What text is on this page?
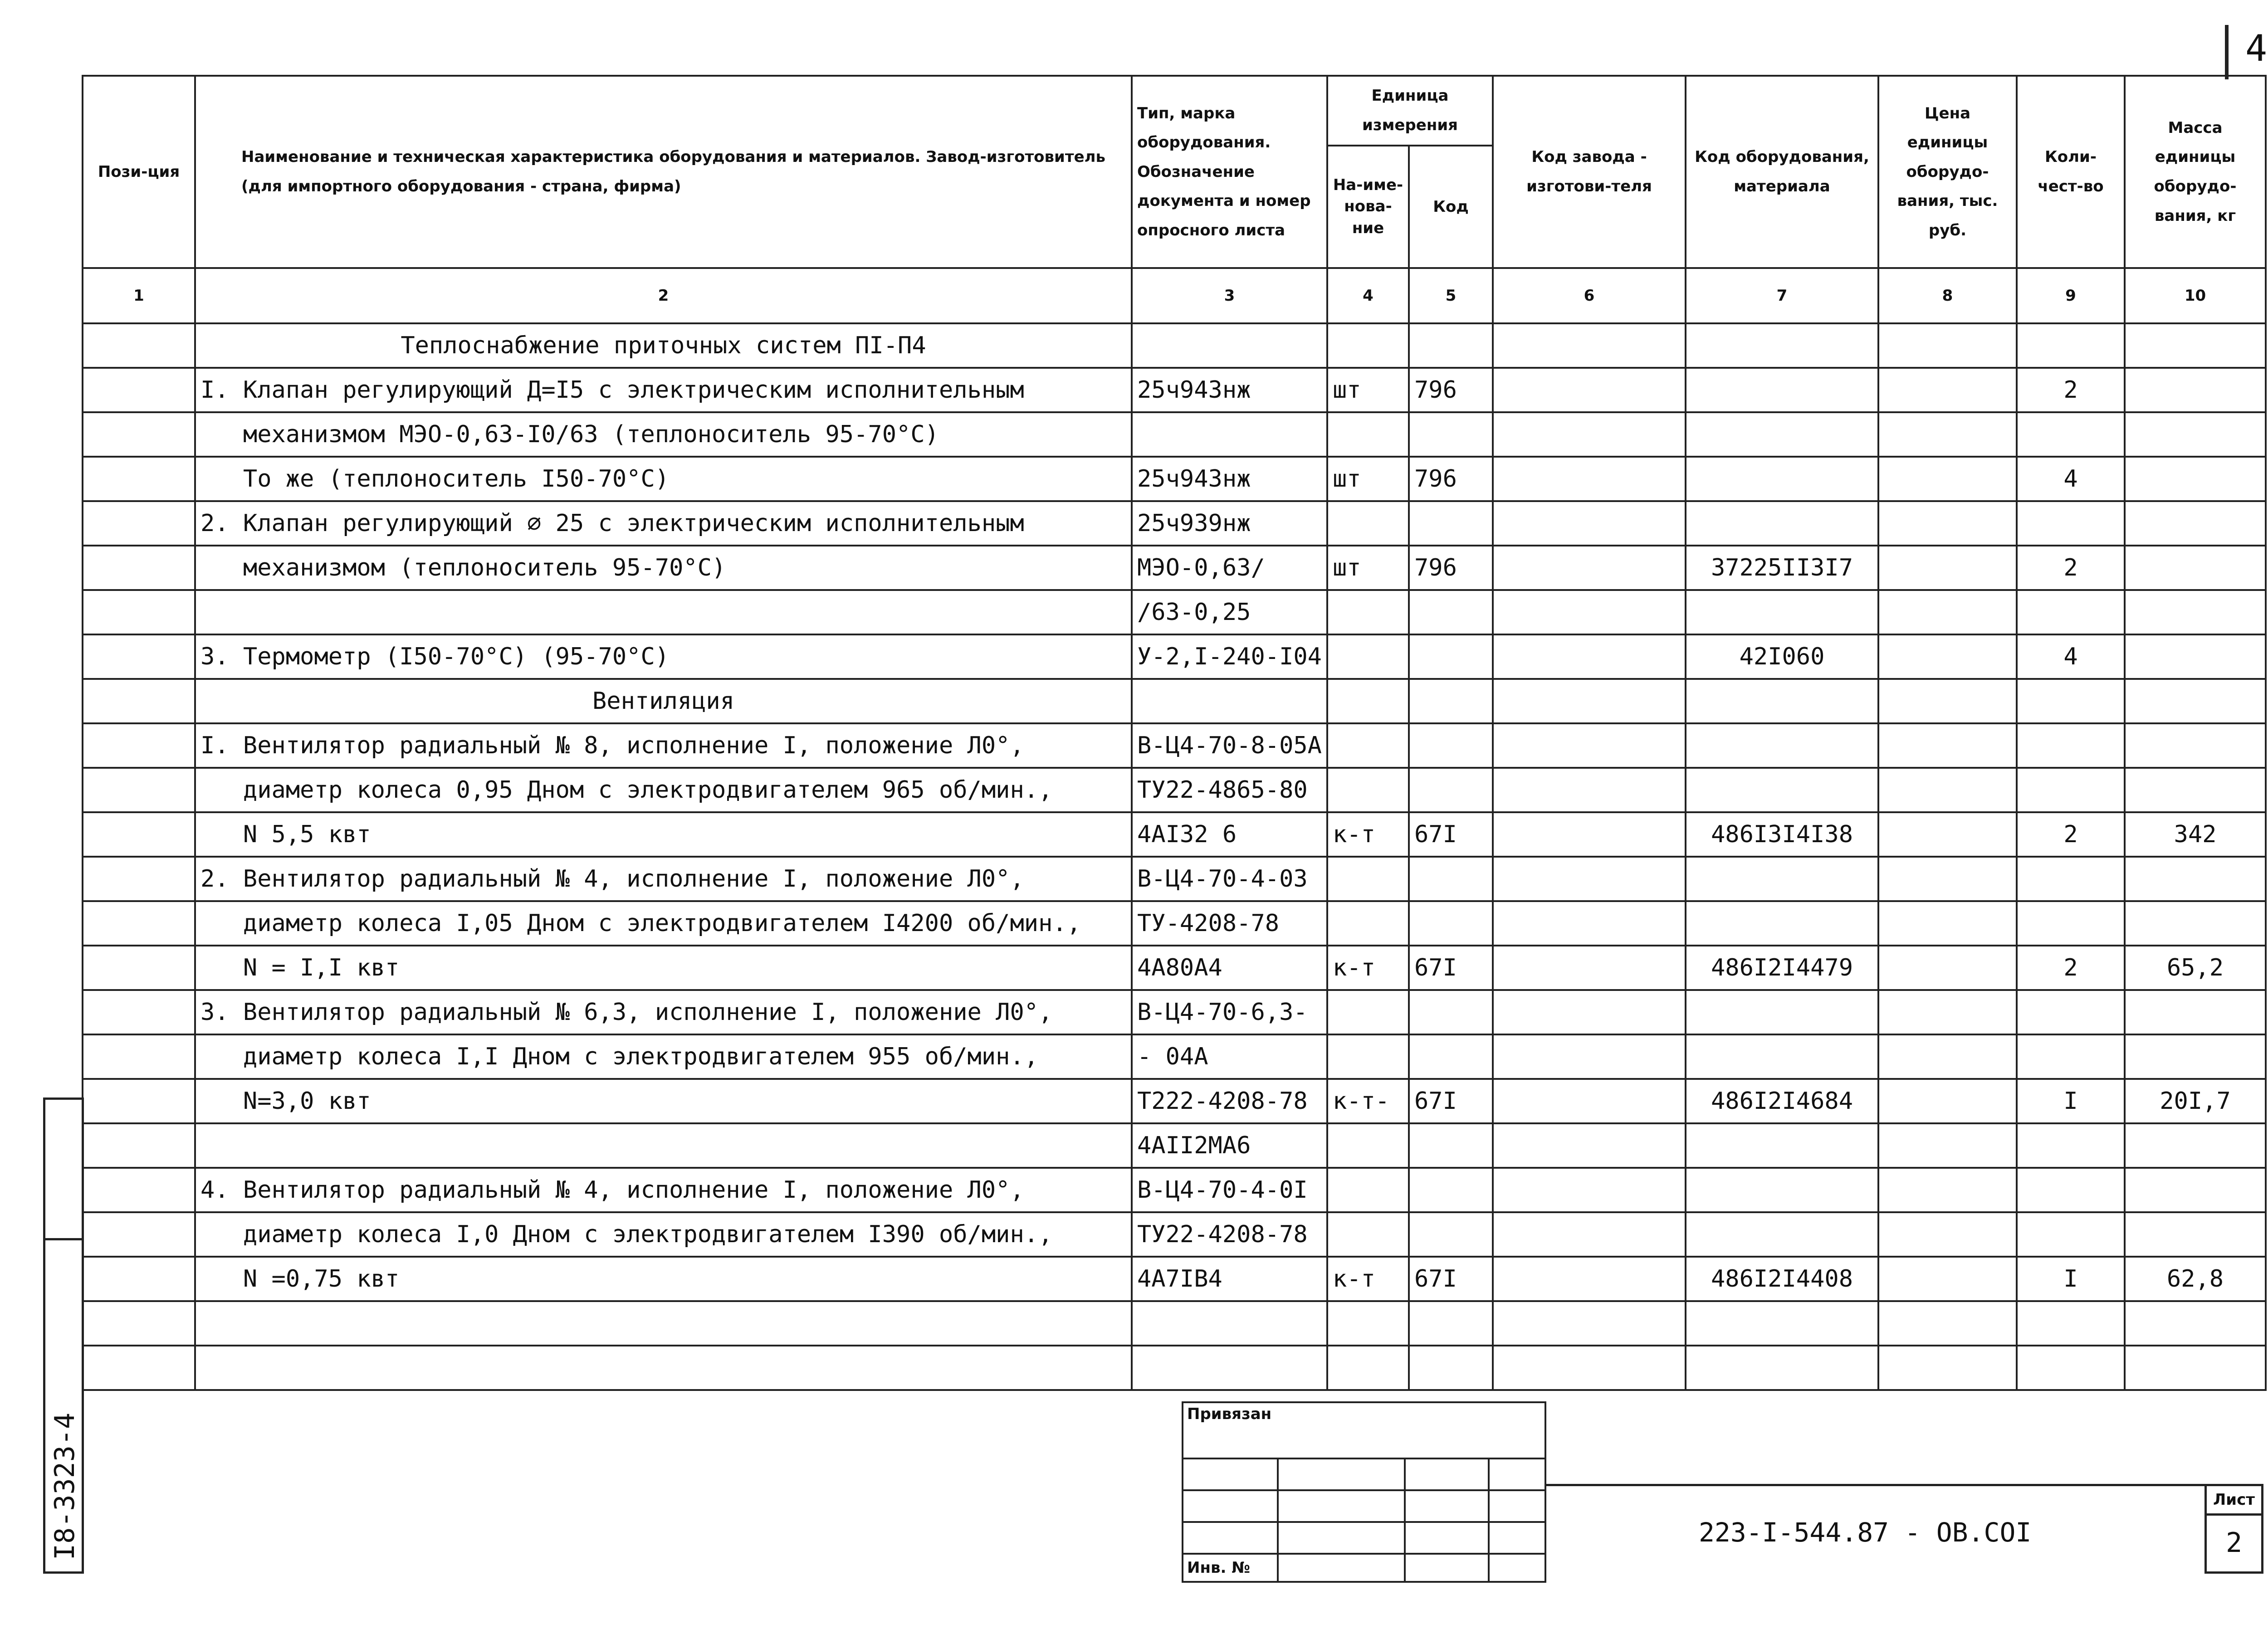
4
I8-3323-4
Пози-ция	Наименование и техническая характеристика оборудования и материалов. Завод-изготовитель (для импортного оборудования - страна, фирма)	Тип, марка оборудования. Обозначение документа и номер опросного листа	Единица измерения		Код завода - изготови-теля	Код оборудования, материала	Цена единицы оборудо-вания, тыс. руб.	Коли-чест-во	Масса единицы оборудо-вания, кг
			На-име-нова-ние	Код					
1	2	3	4	5	6	7	8	9	10
	Теплоснабжение приточных систем ПI-П4								
	I. Клапан регулирующий Д=I5 с электрическим исполнительным	25ч943нж	шт	796				2	
	механизмом МЭО-0,63-I0/63 (теплоноситель 95-70°С)								
	То же (теплоноситель I50-70°С)	25ч943нж	шт	796				4	
	2. Клапан регулирующий ∅ 25 с электрическим исполнительным	25ч939нж							
	механизмом (теплоноситель 95-70°С)	МЭО-0,63/	шт	796		37225II3I7		2	
		/63-0,25							
	3. Термометр (I50-70°С) (95-70°С)	У-2,I-240-I04				42I060		4	
	Вентиляция								
	I. Вентилятор радиальный № 8, исполнение I, положение Л0°,	В-Ц4-70-8-05А							
	диаметр колеса 0,95 Дном с электродвигателем 965 об/мин.,	ТУ22-4865-80							
	N 5,5 квт	4АI32 6	к-т	67I		486I3I4I38		2	342
	2. Вентилятор радиальный № 4, исполнение I, положение Л0°,	В-Ц4-70-4-03							
	диаметр колеса I,05 Дном с электродвигателем I4200 об/мин.,	ТУ-4208-78							
	N = I,I квт	4А80А4	к-т	67I		486I2I4479		2	65,2
	3. Вентилятор радиальный № 6,3, исполнение I, положение Л0°,	В-Ц4-70-6,3-							
	диаметр колеса I,I Дном с электродвигателем 955 об/мин.,	- 04А							
	N=3,0 квт	Т222-4208-78	к-т-	67I		486I2I4684		I	20I,7
		4АII2МА6							
	4. Вентилятор радиальный № 4, исполнение I, положение Л0°,	В-Ц4-70-4-0I							
	диаметр колеса I,0 Дном с электродвигателем I390 об/мин.,	ТУ22-4208-78							
	N =0,75 квт	4А7IВ4	к-т	67I		486I2I4408		I	62,8

Привязан			

Инв. №			
223-I-544.87 - ОВ.СОI
Лист
2
